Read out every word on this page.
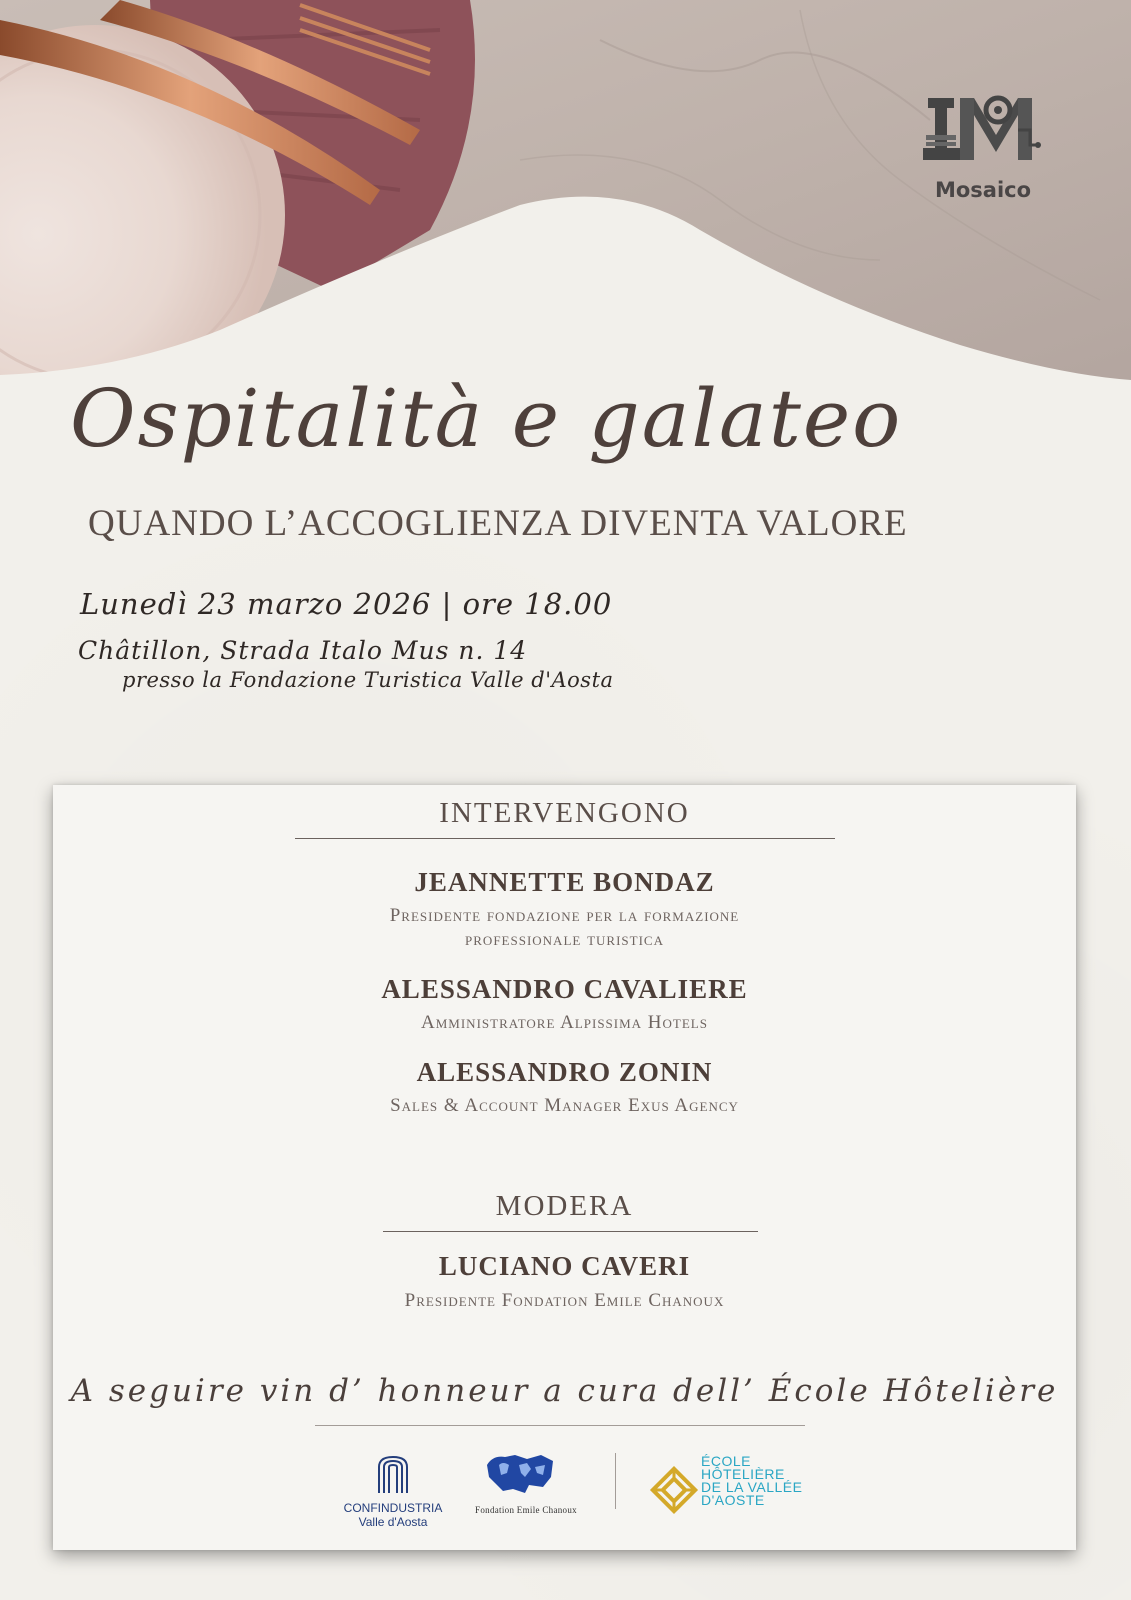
Mosaico
Ospitalità e galateo
QUANDO L’ACCOGLIENZA DIVENTA VALORE
Lunedì 23 marzo 2026 | ore 18.00
Châtillon, Strada Italo Mus n. 14
presso la Fondazione Turistica Valle d'Aosta
INTERVENGONO
JEANNETTE BONDAZ
Presidente fondazione per la formazione
professionale turistica
ALESSANDRO CAVALIERE
Amministratore Alpissima Hotels
ALESSANDRO ZONIN
Sales & Account Manager Exus Agency
MODERA
LUCIANO CAVERI
Presidente Fondation Emile Chanoux
A seguire vin d’ honneur a cura dell’ École Hôtelière
CONFINDUSTRIA
Valle d'Aosta
Fondation Emile Chanoux
ÉCOLE
HÔTELIÈRE
DE LA VALLÉE
D'AOSTE
